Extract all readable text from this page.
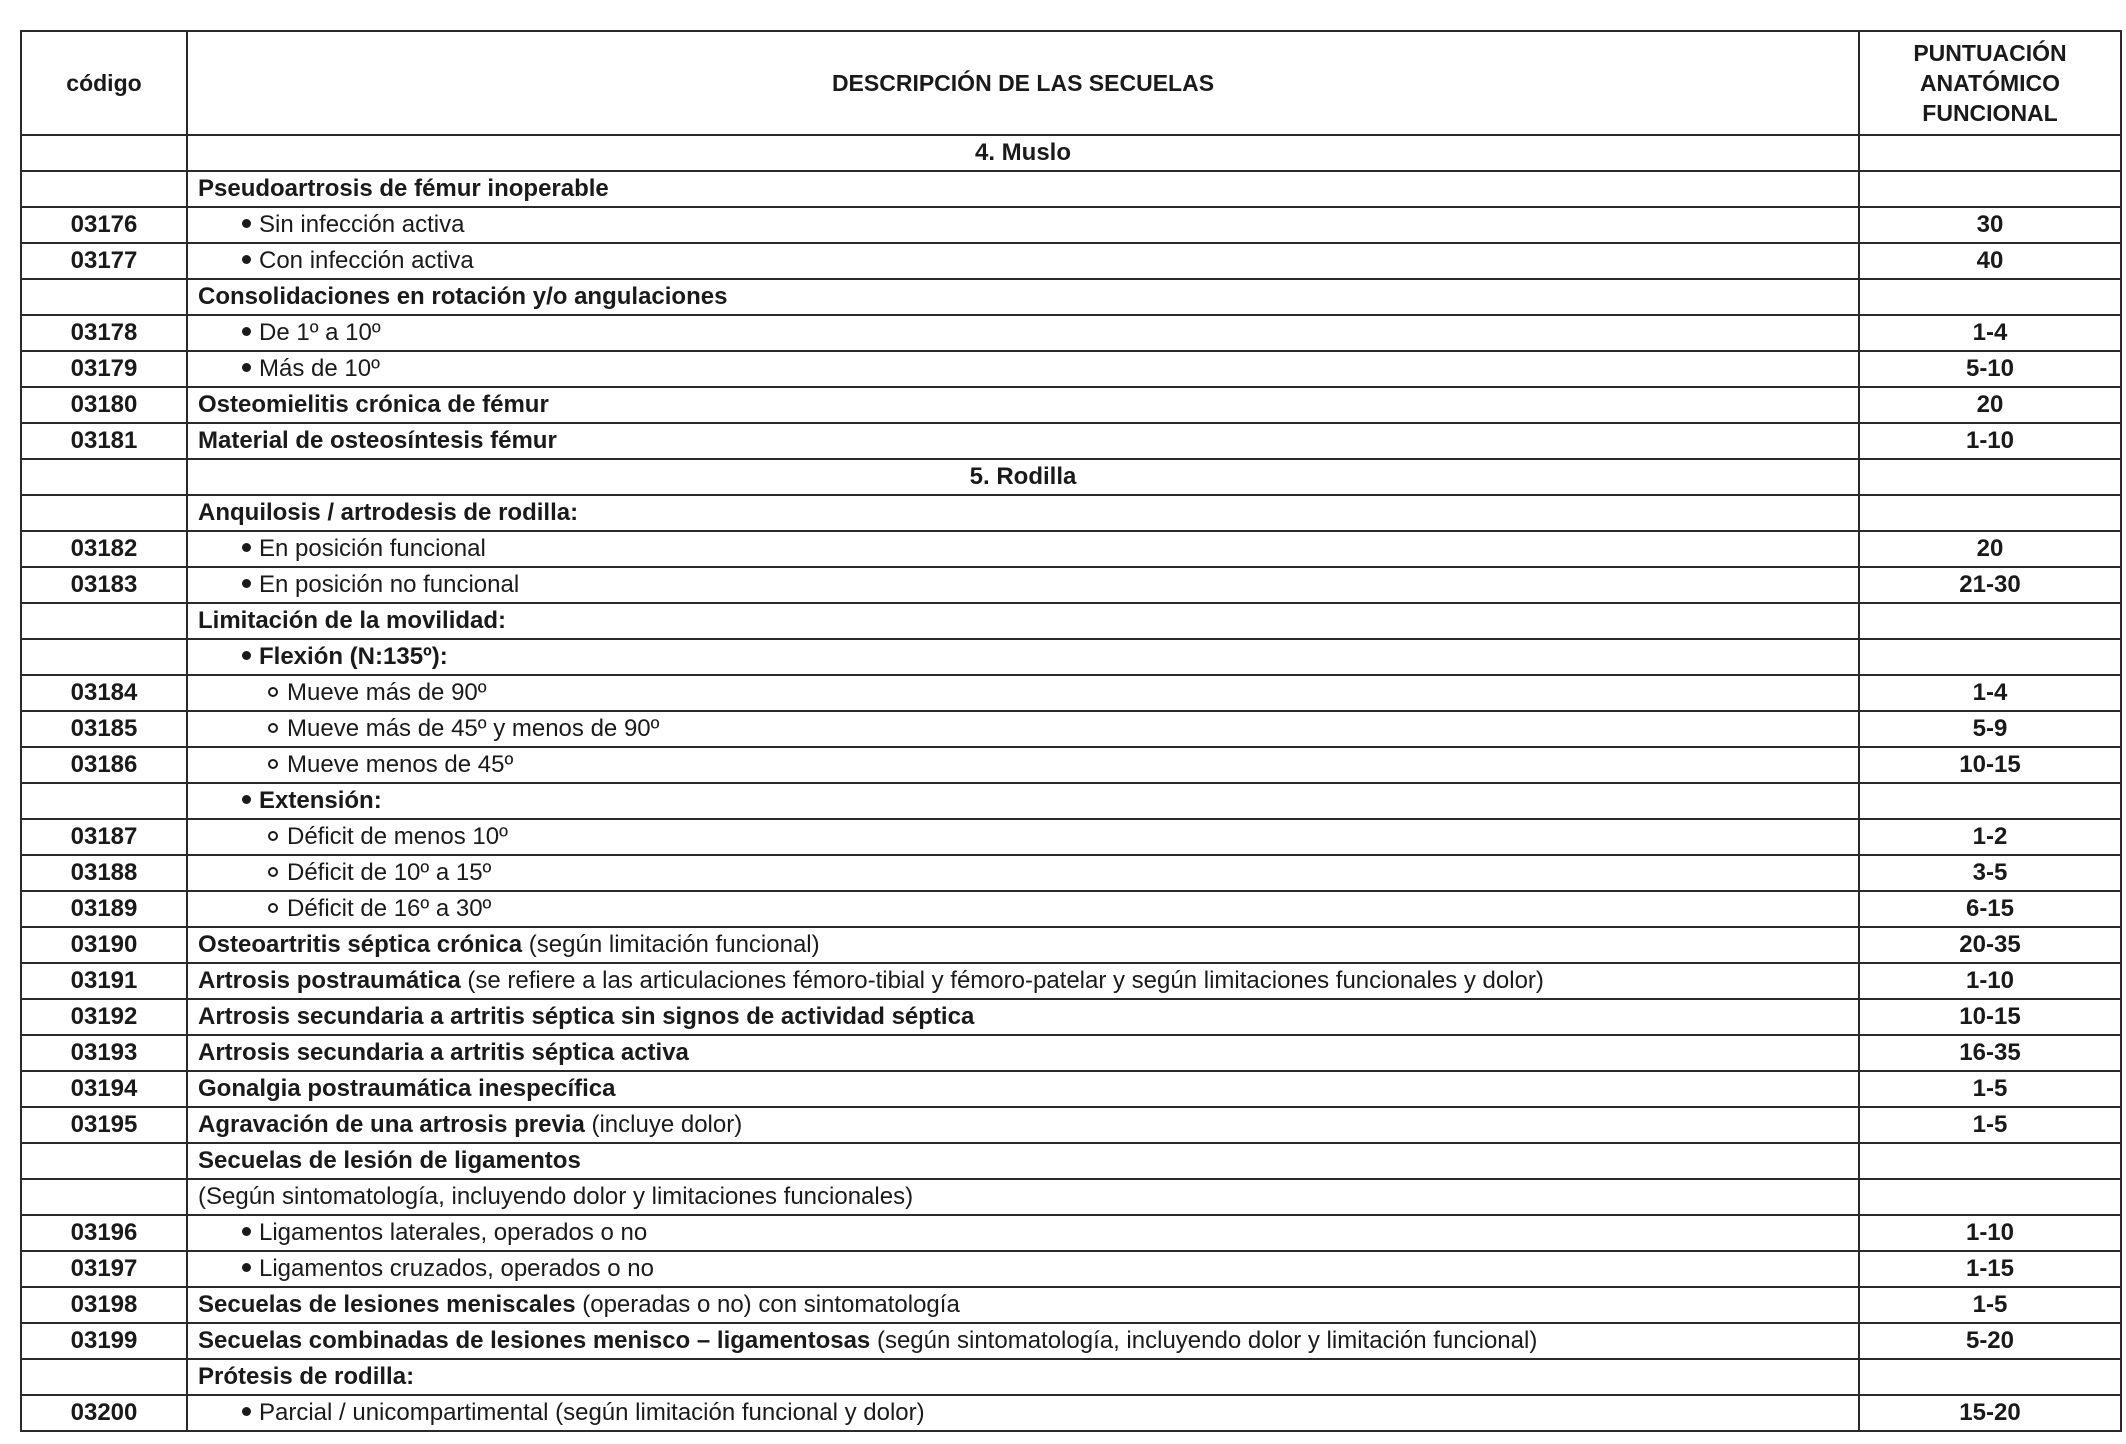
código	DESCRIPCIÓN DE LAS SECUELAS	PUNTUACIÓN ANATÓMICO FUNCIONAL
	4. Muslo	
	Pseudoartrosis de fémur inoperable	
03176	Sin infección activa	30
03177	Con infección activa	40
	Consolidaciones en rotación y/o angulaciones	
03178	De 1º a 10º	1-4
03179	Más de 10º	5-10
03180	Osteomielitis crónica de fémur	20
03181	Material de osteosíntesis fémur	1-10
	5. Rodilla	
	Anquilosis / artrodesis de rodilla:	
03182	En posición funcional	20
03183	En posición no funcional	21-30
	Limitación de la movilidad:	
	Flexión (N:135º):	
03184	Mueve más de 90º	1-4
03185	Mueve más de 45º y menos de 90º	5-9
03186	Mueve menos de 45º	10-15
	Extensión:	
03187	Déficit de menos 10º	1-2
03188	Déficit de 10º a 15º	3-5
03189	Déficit de 16º a 30º	6-15
03190	Osteoartritis séptica crónica (según limitación funcional)	20-35
03191	Artrosis postraumática (se refiere a las articulaciones fémoro-tibial y fémoro-patelar y según limitaciones funcionales y dolor)	1-10
03192	Artrosis secundaria a artritis séptica sin signos de actividad séptica	10-15
03193	Artrosis secundaria a artritis séptica activa	16-35
03194	Gonalgia postraumática inespecífica	1-5
03195	Agravación de una artrosis previa (incluye dolor)	1-5
	Secuelas de lesión de ligamentos	
	(Según sintomatología, incluyendo dolor y limitaciones funcionales)	
03196	Ligamentos laterales, operados o no	1-10
03197	Ligamentos cruzados, operados o no	1-15
03198	Secuelas de lesiones meniscales (operadas o no) con sintomatología	1-5
03199	Secuelas combinadas de lesiones menisco – ligamentosas (según sintomatología, incluyendo dolor y limitación funcional)	5-20
	Prótesis de rodilla:	
03200	Parcial / unicompartimental (según limitación funcional y dolor)	15-20
